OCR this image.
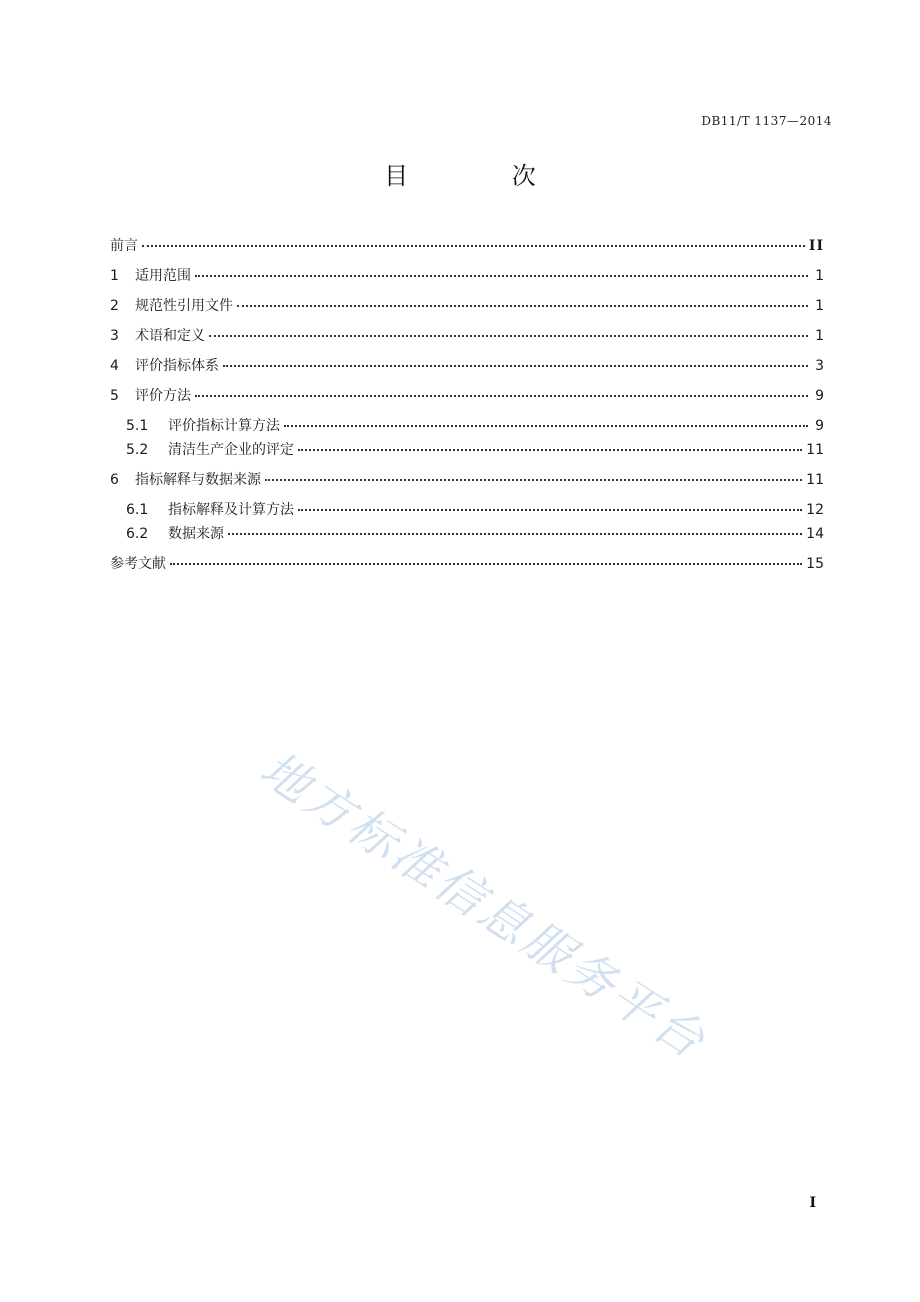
DB11/T 1137—2014
目 次
前言	II
1	适用范围	1
2	规范性引用文件	1
3	术语和定义	1
4	评价指标体系	3
5	评价方法	9
5.1	评价指标计算方法	9
5.2	清洁生产企业的评定	11
6	指标解释与数据来源	11
6.1	指标解释及计算方法	12
6.2	数据来源	14
参考文献	15
地方标准信息服务平台
I
